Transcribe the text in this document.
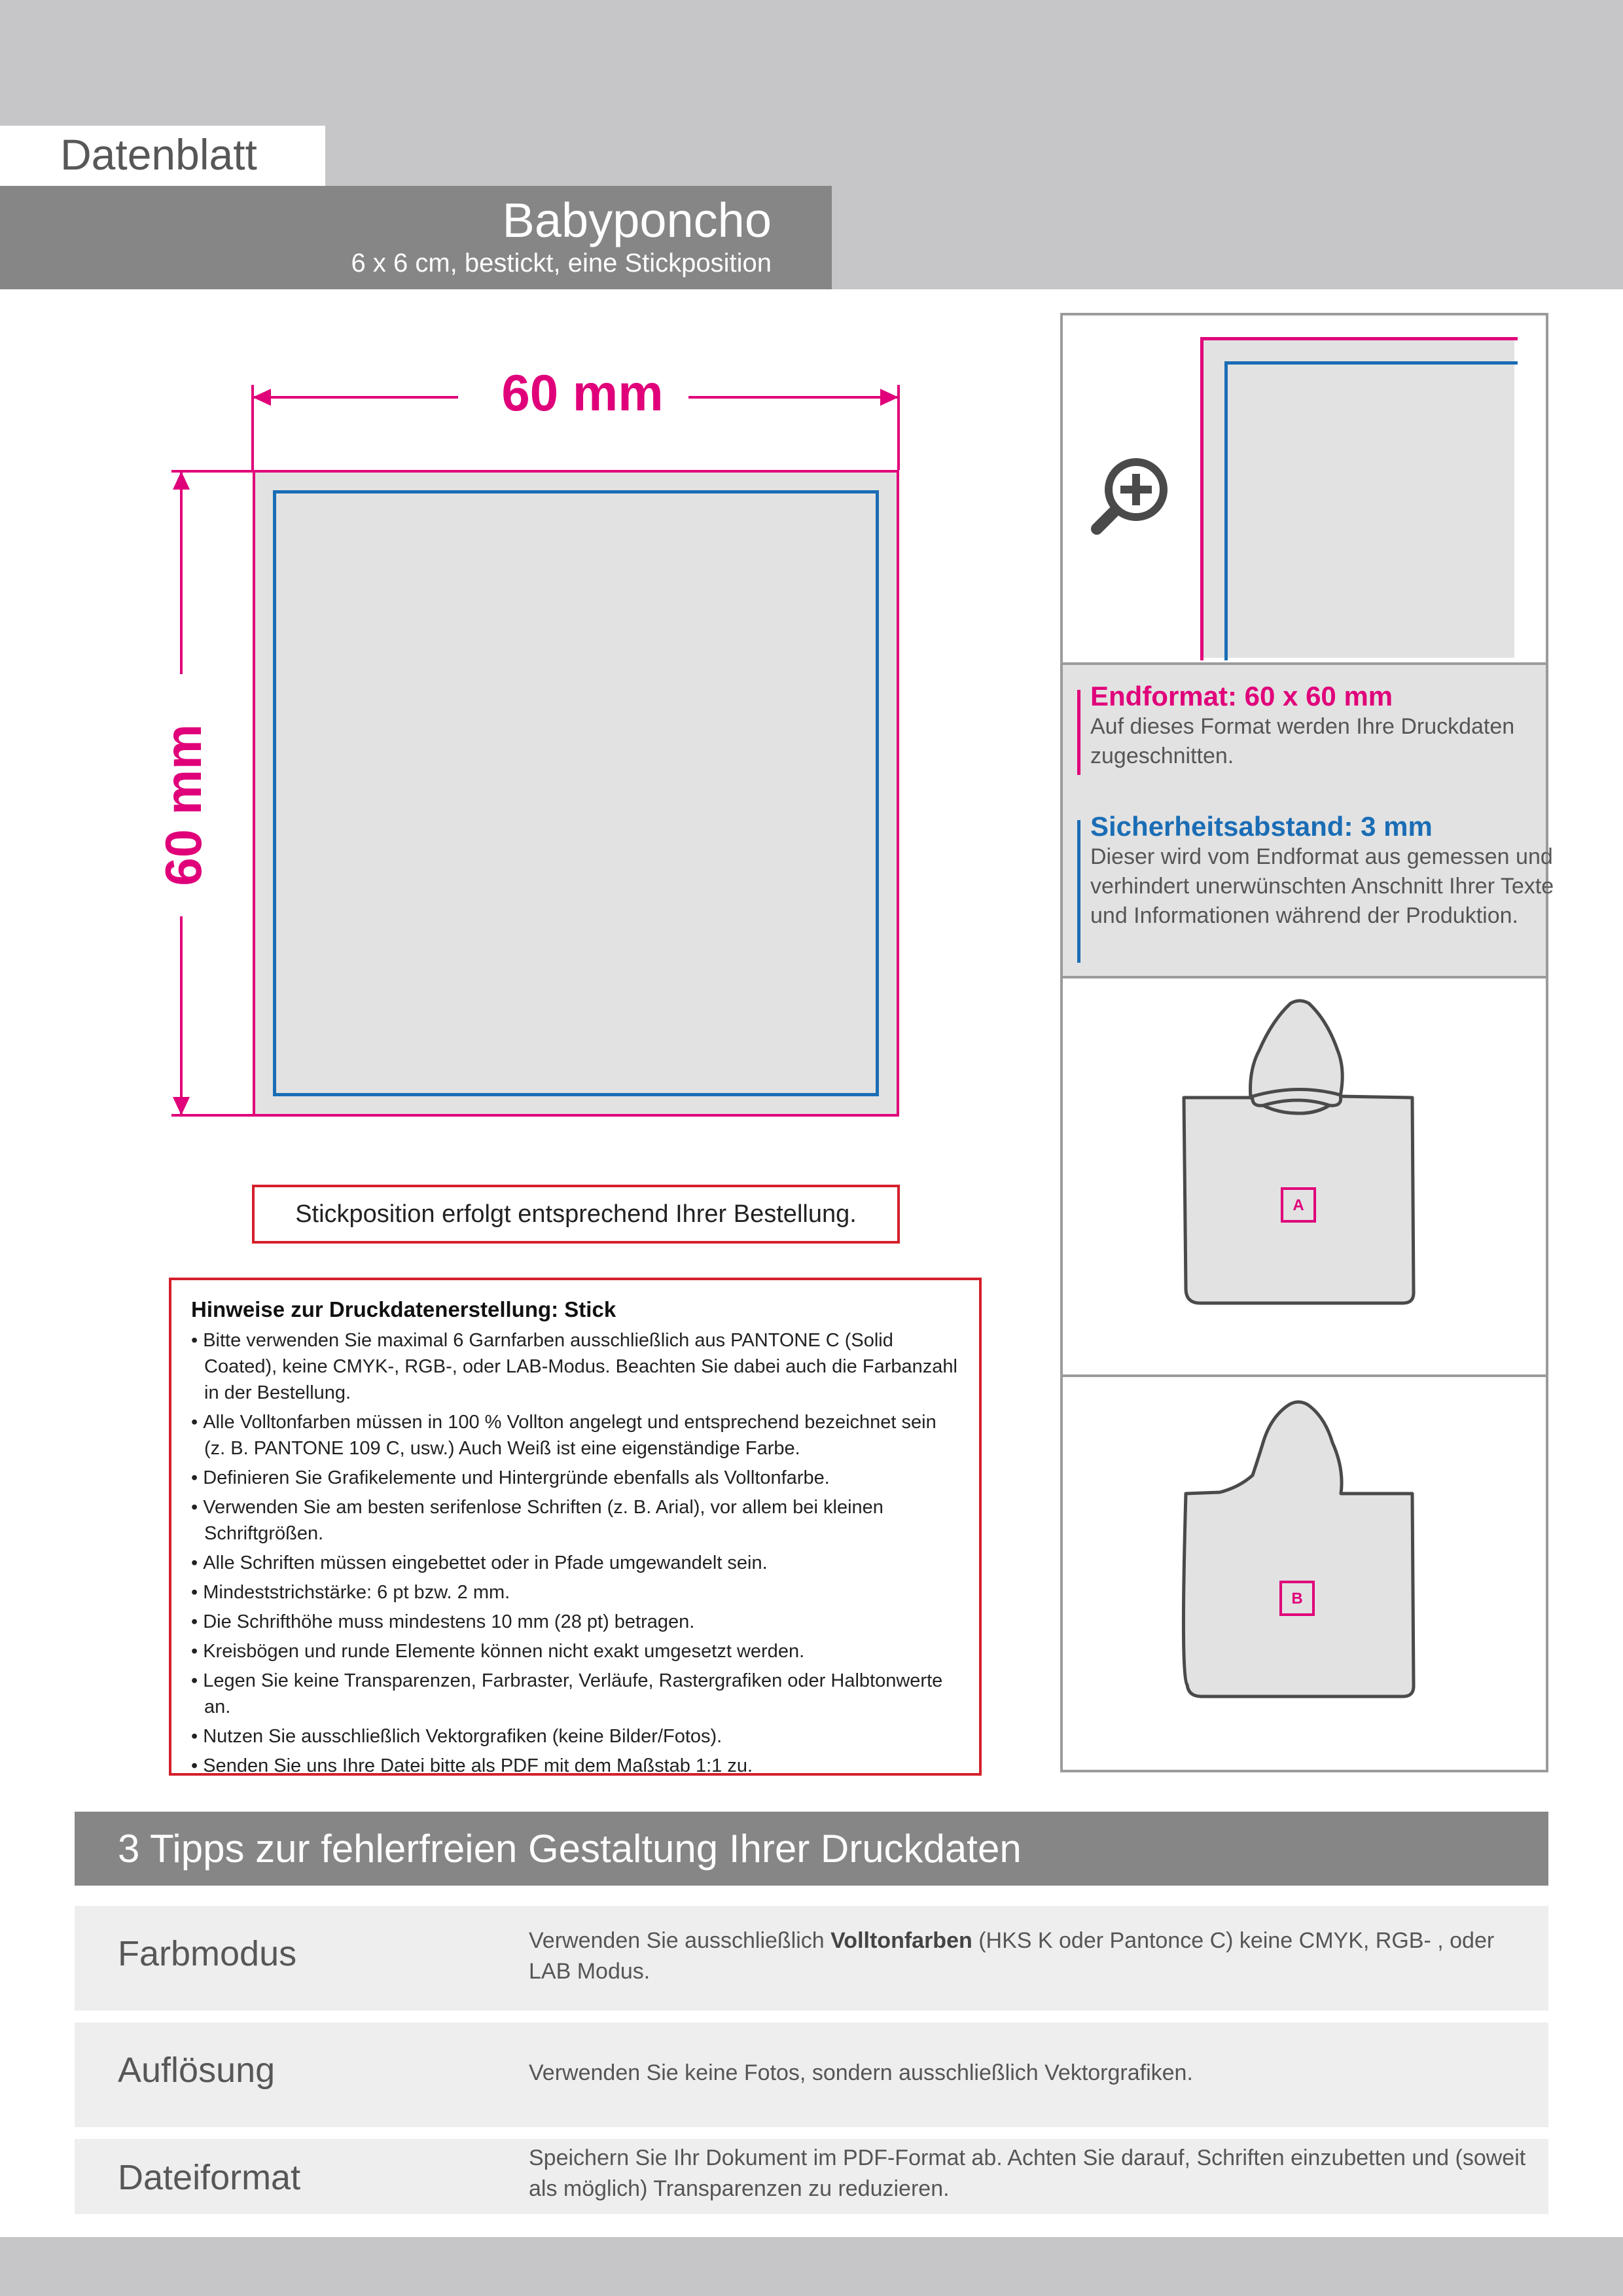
Datenblatt
Babyponcho
6 x 6 cm, bestickt, eine Stickposition
60 mm
60 mm
Stickposition erfolgt entsprechend Ihrer Bestellung.
Hinweise zur Druckdatenerstellung: Stick
• Bitte verwenden Sie maximal 6 Garnfarben ausschließlich aus PANTONE C (Solid Coated), keine CMYK-, RGB-, oder LAB-Modus. Beachten Sie dabei auch die Farbanzahl in der Bestellung.
• Alle Volltonfarben müssen in 100 % Vollton angelegt und entsprechend bezeichnet sein (z. B. PANTONE 109 C, usw.) Auch Weiß ist eine eigenständige Farbe.
• Definieren Sie Grafikelemente und Hintergründe ebenfalls als Volltonfarbe.
• Verwenden Sie am besten serifenlose Schriften (z. B. Arial), vor allem bei kleinen Schriftgrößen.
• Alle Schriften müssen eingebettet oder in Pfade umgewandelt sein.
• Mindeststrichstärke: 6 pt bzw. 2 mm.
• Die Schrifthöhe muss mindestens 10 mm (28 pt) betragen.
• Kreisbögen und runde Elemente können nicht exakt umgesetzt werden.
• Legen Sie keine Transparenzen, Farbraster, Verläufe, Rastergrafiken oder Halbtonwerte an.
• Nutzen Sie ausschließlich Vektorgrafiken (keine Bilder/Fotos).
• Senden Sie uns Ihre Datei bitte als PDF mit dem Maßstab 1:1 zu.
Endformat: 60 x 60 mm
Auf dieses Format werden Ihre Druckdaten zugeschnitten.
Sicherheitsabstand: 3 mm
Dieser wird vom Endformat aus gemessen und verhindert unerwünschten Anschnitt Ihrer Texte und Informationen während der Produktion.
A
B
3 Tipps zur fehlerfreien Gestaltung Ihrer Druckdaten
Farbmodus	Verwenden Sie ausschließlich Volltonfarben (HKS K oder Pantonce C) keine CMYK, RGB- , oder LAB Modus.
Auflösung	Verwenden Sie keine Fotos, sondern ausschließlich Vektorgrafiken.
Dateiformat	Speichern Sie Ihr Dokument im PDF-Format ab. Achten Sie darauf, Schriften einzubetten und (soweit als möglich) Transparenzen zu reduzieren.
